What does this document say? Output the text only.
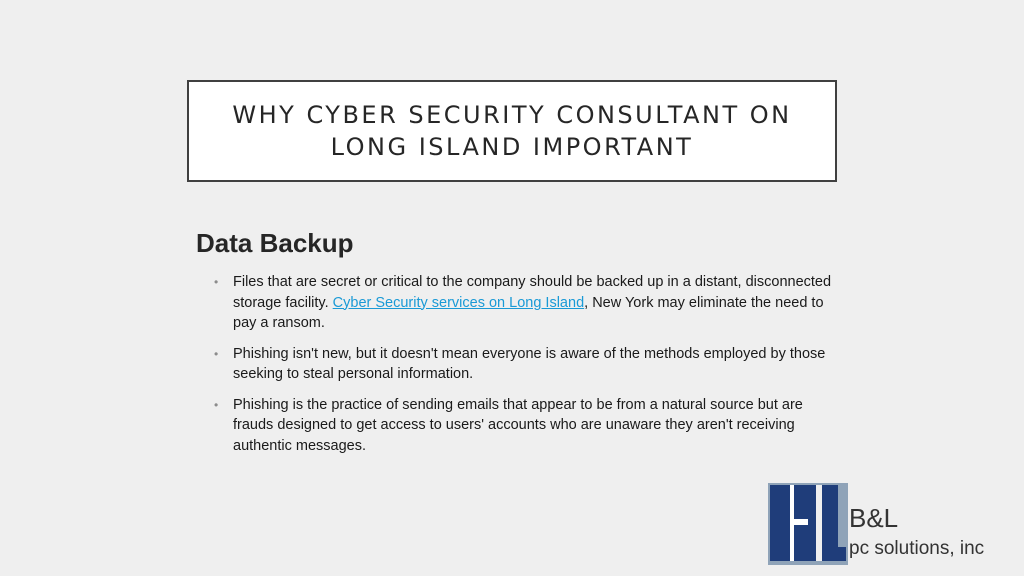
WHY CYBER SECURITY CONSULTANT ON
LONG ISLAND IMPORTANT
Data Backup
• Files that are secret or critical to the company should be backed up in a distant, disconnected storage facility. Cyber Security services on Long Island, New York may eliminate the need to pay a ransom.
• Phishing isn't new, but it doesn't mean everyone is aware of the methods employed by those seeking to steal personal information.
• Phishing is the practice of sending emails that appear to be from a natural source but are frauds designed to get access to users' accounts who are unaware they aren't receiving authentic messages.
B&L
pc solutions, inc
